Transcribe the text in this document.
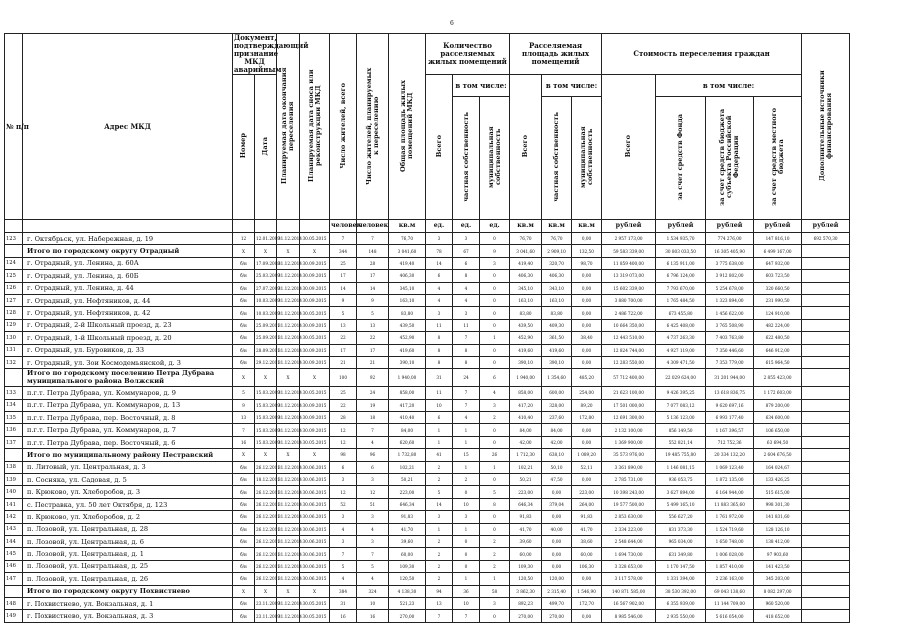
6
№ п/п	Адрес МКД	Документ, подтверждающий признание МКД аварийным		Планируемая дата окончания переселения	Планируемая дата сноса или реконструкции МКД	Число жителей, всего	Число жителей, планируемых к переселению	Общая площадь жилых помещений МКД	Количество расселяемых жилых помещений			Расселяемая площадь жилых помещений			Стоимость переселения граждан				Дополнительные источники финансирования
		Номер	Дата						Всего	в том числе:		Всего	в том числе:		Всего	в том числе:			
										частная собственность	муниципальная собственность		частная собственность	муниципальная собственность		за счет средств Фонда	за счет средств бюджета субъекта Российской Федерации	за счет средств местного бюджета	
						человек	человек	кв.м	ед.	ед.	ед.	кв.м	кв.м	кв.м	рублей	рублей	рублей	рублей	рублей
123	г. Октябрьск, ул. Набережная, д. 19	12	12.01.2009	31.12.2014	30.05.2015	7	7	76,70	3	3	0	76,70	76,70	0,00	2 957 173,00	1 534 935,70	774 276,00	147 816,10	692 570,30
	Итого по городскому округу Отрадный	X	X	X	X	344	148	3 041,60	78	67	9	3 041,60	2 909,10	132,50	59 583 339,00	30 803 033,50	16 305 405,90	6 499 167,00	
124	г. Отрадный, ул. Ленина, д. 60А	б/н	17.09.2008	31.12.2014	30.09.2015	25	28	419,40	14	6	3	419,40	320,70	98,70	11 859 400,00	6 135 911,00	3 775 638,00	647 932,00	
125	г. Отрадный, ул. Ленина, д. 60Б	б/н	25.03.2009	31.12.2014	30.09.2015	17	17	406,30	6	8	0	406,30	406,30	0,00	13 319 073,00	6 796 124,00	3 912 802,00	603 723,50	
126	г. Отрадный, ул. Ленина, д. 44	б/н	27.07.2009	31.12.2014	30.09.2015	14	14	345,10	4	4	0	345,10	343,10	0,00	15 602 339,00	7 793 670,00	5 254 678,00	320 660,50	
127	г. Отрадный, ул. Нефтяников, д. 44	б/н	10.03.2009	31.12.2014	30.09.2015	9	9	163,10	4	4	0	163,10	163,10	0,00	3 880 700,00	1 765 484,50	1 323 894,00	231 990,50	
128	г. Отрадный, ул. Нефтяников, д. 42	б/н	10.03.2009	31.12.2014	30.05.2015	5	5	83,80	3	3	0	83,80	83,80	0,00	2 486 722,00	673 455,80	1 456 622,00	124 910,00	
129	г. Отрадный, 2-й Школьный проезд, д. 23	б/н	25.09.2011	31.12.2014	30.09.2015	13	13	439,50	11	11	0	439,50	409,30	0,00	10 664 350,00	6 425 408,00	3 765 508,90	482 224,00	
130	г. Отрадный, 1-й Школьный проезд, д. 20	б/н	25.09.2011	31.12.2014	30.05.2015	22	22	452,90	8	7	1	452,90	361,50	38,40	12 443 510,00	4 737 263,30	7 403 763,80	622 480,50	
131	г. Отрадный, ул. Буровиков, д. 33	б/н	28.09.2011	31.12.2014	30.09.2015	17	17	419,60	8	8	0	419,60	419,60	0,00	12 824 744,00	4 927 119,00	7 350 446,60	646 912,00	
132	г. Отрадный, ул. Зои Космодемьянской, д. 3	б/н	29.12.2011	31.12.2014	30.09.2015	21	21	390,10	8	8	0	390,10	390,10	0,00	12 283 550,00	4 309 471,50	7 353 779,00	615 964,50	
	Итого по городскому поселению Петра Дубрава муниципального района Волжский	X	X	X	X	100	92	1 940,00	31	24	6	1 940,00	1 354,60	485,20	57 712 400,00	22 029 624,00	31 201 944,00	2 855 423,00	
133	п.г.т. Петра Дубрава, ул. Коммунаров, д. 9	5	15.03.2009	31.12.2014	30.05.2015	25	24	858,00	11	7	4	858,00	600,00	254,00	21 623 100,00	9 426 395,25	13 618 836,75	1 172 603,00	
134	п.г.т. Петра Дубрава, ул. Коммунаров, д. 13	9	15.03.2009	31.12.2014	30.09.2015	22	19	417,20	10	7	3	417,20	328,00	89,20	17 501 000,00	7 077 083,12	9 620 697,16	879 200,00	
135	п.г.т. Петра Дубрава, пер. Восточный, д. 8	13	15.03.2009	31.12.2014	30.09.2015	28	18	410,40	6	4	2	410,40	237,60	172,80	12 691 300,00	5 136 123,00	6 993 177,40	634 600,00	
136	п.г.т. Петра Дубрава, ул. Коммунаров, д. 7	7	15.03.2009	31.12.2014	30.09.2015	12	7	84,00	1	1	0	84,00	84,00	0,00	2 132 100,00	856 149,50	1 167 396,57	106 650,00	
137	п.г.т. Петра Дубрава, пер. Восточный, д. 6	16	15.03.2009	31.12.2014	30.05.2015	12	4	620,60	1	1	0	42,00	42,00	0,00	1 369 900,00	552 821,14	712 752,36	63 694,50	
	Итого по муниципальному району Пестравский	X	X	X	X	98	96	1 732,80	41	15	26	1 712,30	638,10	1 089,20	35 573 976,00	19 485 755,80	20 334 132,20	2 604 676,50	
138	п. Литовый, ул. Центральная, д. 3	б/н	26.12.2011	31.12.2014	30.06.2015	6	6	102,21	2	1	1	102,21	50,10	52,11	3 361 890,00	1 146 081,15	1 069 123,40	164 024,67	
139	п. Сосняка, ул. Садовая, д. 5	б/н	18.12.2011	31.12.2014	30.06.2015	3	3	50,21	2	2	0	50,21	47,50	0,00	2 785 731,00	936 053,75	1 872 135,00	133 426,25	
140	п. Крюково, ул. Хлеборобов, д. 3	б/н	26.12.2011	31.12.2014	30.06.2015	12	12	223,00	5	0	5	223,00	0,00	223,00	10 398 243,00	3 627 894,00	6 164 944,00	515 615,00	
141	с. Пестравка, ул. 50 лет Октября, д. 123	б/н	26.12.2011	31.12.2014	30.06.2015	52	51	646,34	14	10	8	646,34	379,04	264,00	19 577 500,00	5 499 165,10	11 883 365,60	998 301,30	
142	п. Крюково, ул. Хлеборобов, д. 2	б/н	26.12.2011	31.12.2014	30.06.2015	3	3	91,83	3	3	0	91,83	0,00	91,83	2 853 630,00	556 627,20	1 761 972,00	141 831,60	
143	п. Лозовой, ул. Центральная, д. 28	б/н	26.12.2011	31.12.2014	30.06.2015	4	4	41,70	1	1	0	41,70	40,00	41,70	2 334 223,00	831 373,30	1 524 719,60	128 126,10	
144	п. Лозовой, ул. Центральная, д. 6	б/н	26.12.2011	31.12.2014	30.06.2015	3	3	39,60	2	0	2	39,60	0,00	38,60	2 548 644,00	965 034,00	1 650 748,00	138 412,00	
145	п. Лозовой, ул. Центральная, д. 1	б/н	26.12.2011	31.12.2014	30.06.2015	7	7	60,00	2	0	2	60,00	0,00	60,00	1 694 730,00	631 349,80	1 006 028,00	97 903,60	
146	п. Лозовой, ул. Центральная, д. 25	б/н	26.12.2011	31.12.2014	30.06.2015	5	5	109,30	2	0	2	109,30	0,00	106,30	3 328 653,00	1 170 147,50	1 857 410,00	141 423,50	
147	п. Лозовой, ул. Центральная, д. 26	б/н	26.12.2011	31.12.2014	30.06.2015	4	4	120,50	2	1	1	120,50	120,00	0,00	3 117 578,00	1 331 394,00	2 236 163,00	345 203,00	
	Итого по городскому округу Похвистнево	X	X	X	X	384	324	4 138,30	94	36	58	3 862,30	2 315,40	1 546,90	140 871 585,00	38 530 392,00	69 043 138,60	8 082 297,00	
148	г. Похвистнево, ул. Вокзальная, д. 1	б/н	23.11.2009	31.12.2014	30.05.2015	31	10	521,23	13	10	3	892,23	499,70	172,70	16 567 902,00	6 355 939,00	11 144 709,00	960 520,00	
149	г. Похвистнево, ул. Вокзальная, д. 3	б/н	23.11.2009	31.12.2014	30.05.2015	16	16	270,00	7	7	0	270,00	270,00	0,00	8 985 546,00	2 935 550,00	5 616 054,00	418 652,00	
